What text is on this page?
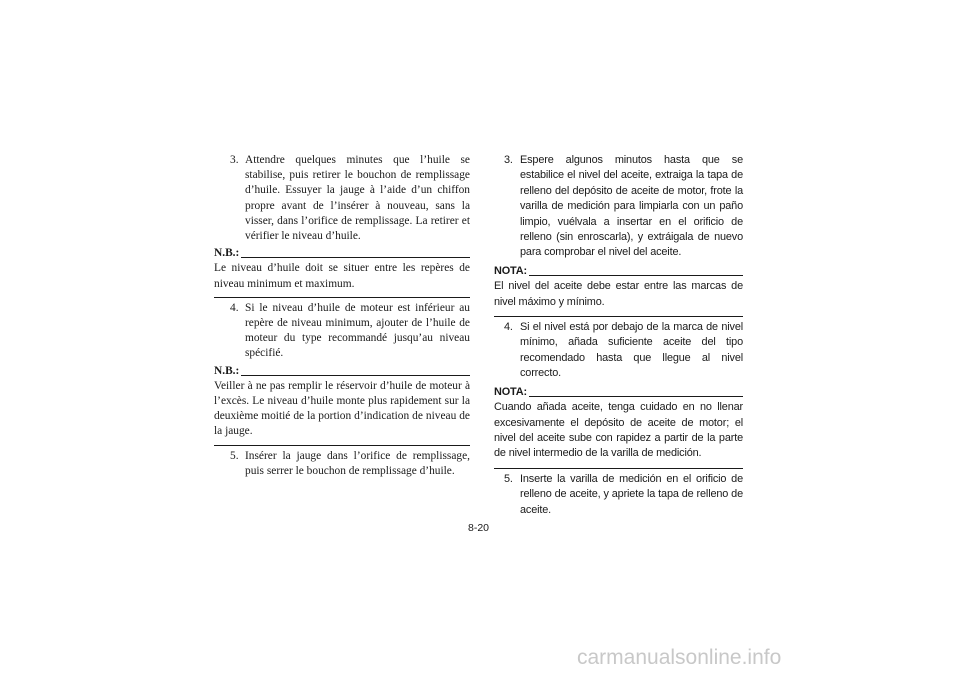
3. Attendre quelques minutes que l’huile se stabilise, puis retirer le bouchon de remplissage d’huile. Essuyer la jauge à l’aide d’un chiffon propre avant de l’insérer à nouveau, sans la visser, dans l’orifice de remplissage. La retirer et vérifier le niveau d’huile.
N.B.:

Le niveau d’huile doit se situer entre les repères de niveau minimum et maximum.

4. Si le niveau d’huile de moteur est inférieur au repère de niveau minimum, ajouter de l’huile de moteur du type recommandé jusqu’au niveau spécifié.
N.B.:

Veiller à ne pas remplir le réservoir d’huile de moteur à l’excès. Le niveau d’huile monte plus rapidement sur la deuxième moitié de la portion d’indication de niveau de la jauge.

5. Insérer la jauge dans l’orifice de remplissage, puis serrer le bouchon de remplissage d’huile.
3. Espere algunos minutos hasta que se estabilice el nivel del aceite, extraiga la tapa de relleno del depósito de aceite de motor, frote la varilla de medición para limpiarla con un paño limpio, vuélvala a insertar en el orificio de relleno (sin enroscarla), y extráigala de nuevo para comprobar el nivel del aceite.
NOTA:

El nivel del aceite debe estar entre las marcas de nivel máximo y mínimo.

4. Si el nivel está por debajo de la marca de nivel mínimo, añada suficiente aceite del tipo recomendado hasta que llegue al nivel correcto.
NOTA:

Cuando añada aceite, tenga cuidado en no llenar excesivamente el depósito de aceite de motor; el nivel del aceite sube con rapidez a partir de la parte de nivel intermedio de la varilla de medición.

5. Inserte la varilla de medición en el orificio de relleno de aceite, y apriete la tapa de relleno de aceite.
8-20
carmanualsonline.info
